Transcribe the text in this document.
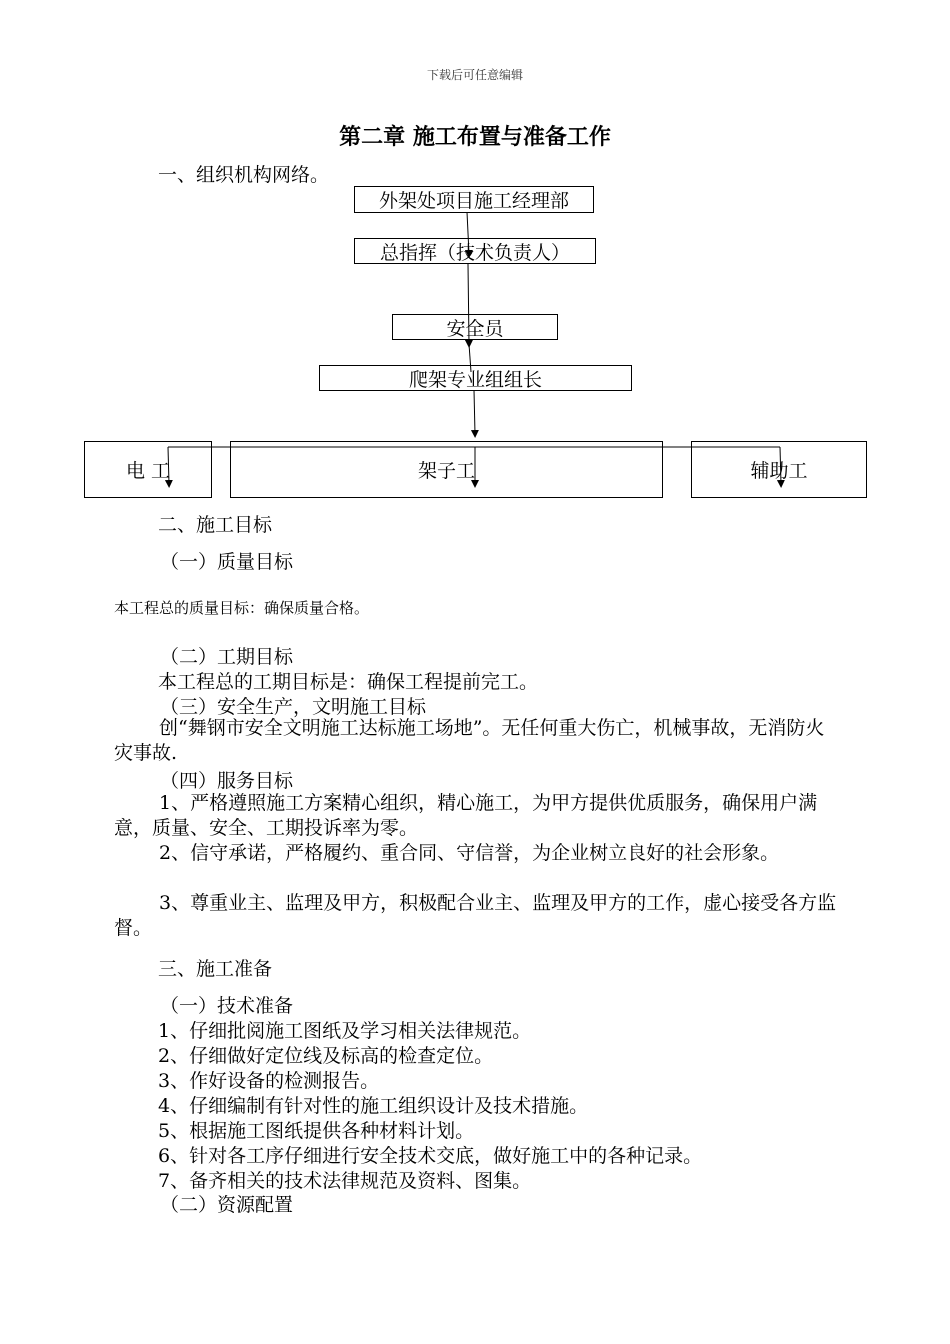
下载后可任意编辑
第二章 施工布置与准备工作
一、组织机构网络。
外架处项目施工经理部
总指挥（技术负责人）
安全员
爬架专业组组长
电 工	架子工	辅助工
二、施工目标
（一）质量目标
本工程总的质量目标：确保质量合格。
（二）工期目标
本工程总的工期目标是：确保工程提前完工。
（三）安全生产，文明施工目标
创“舞钢市安全文明施工达标施工场地”。无任何重大伤亡，机械事故，无消防火灾事故.
（四）服务目标
1、严格遵照施工方案精心组织，精心施工，为甲方提供优质服务，确保用户满意，质量、安全、工期投诉率为零。
2、信守承诺，严格履约、重合同、守信誉，为企业树立良好的社会形象。
3、尊重业主、监理及甲方，积极配合业主、监理及甲方的工作，虚心接受各方监督。
三、施工准备
（一）技术准备
1、仔细批阅施工图纸及学习相关法律规范。
2、仔细做好定位线及标高的检查定位。
3、作好设备的检测报告。
4、仔细编制有针对性的施工组织设计及技术措施。
5、根据施工图纸提供各种材料计划。
6、针对各工序仔细进行安全技术交底，做好施工中的各种记录。
7、备齐相关的技术法律规范及资料、图集。
（二）资源配置
